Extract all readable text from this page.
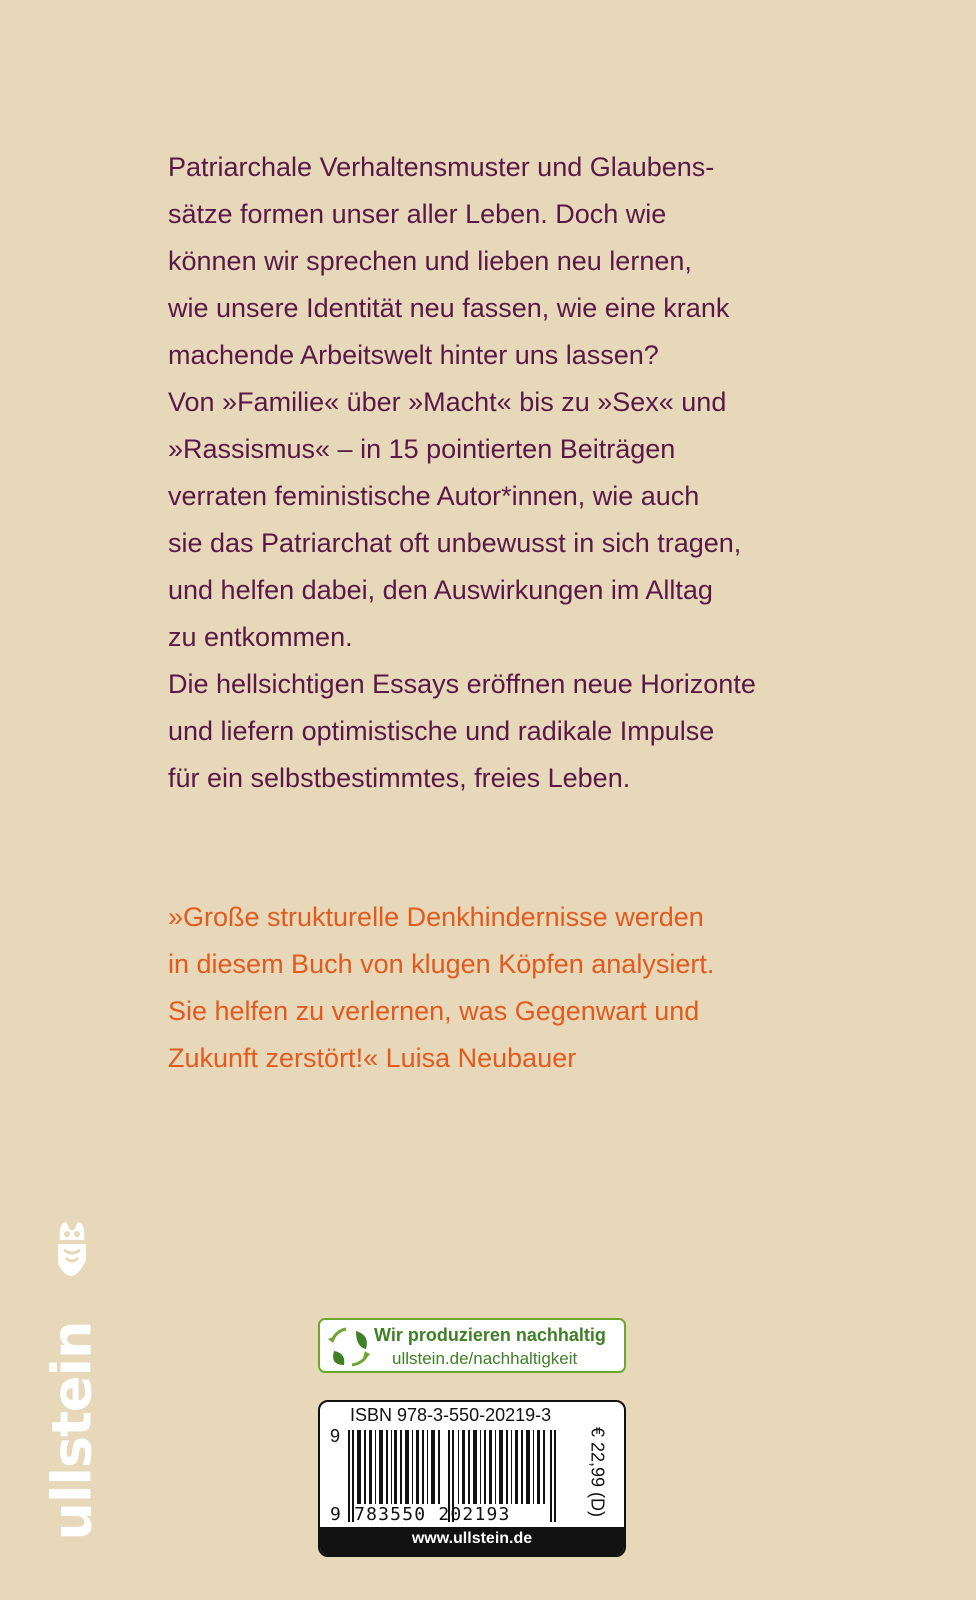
Patriarchale Verhaltensmuster und Glaubens-
sätze formen unser aller Leben. Doch wie
können wir sprechen und lieben neu lernen,
wie unsere Identität neu fassen, wie eine krank
machende Arbeitswelt hinter uns lassen?
Von »Familie« über »Macht« bis zu »Sex« und
»Rassismus« – in 15 pointierten Beiträgen
verraten feministische Autor*innen, wie auch
sie das Patriarchat oft unbewusst in sich tragen,
und helfen dabei, den Auswirkungen im Alltag
zu entkommen.
Die hellsichtigen Essays eröffnen neue Horizonte
und liefern optimistische und radikale Impulse
für ein selbstbestimmtes, freies Leben.
»Große strukturelle Denkhindernisse werden
in diesem Buch von klugen Köpfen analysiert.
Sie helfen zu verlernen, was Gegenwart und
Zukunft zerstört!« Luisa Neubauer
ullstein	Wir produzieren nachhaltig
ullstein.de/nachhaltigkeit
ISBN 978-3-550-20219-3
9
9 783550 202193	€ 22,99 (D)
www.ullstein.de
